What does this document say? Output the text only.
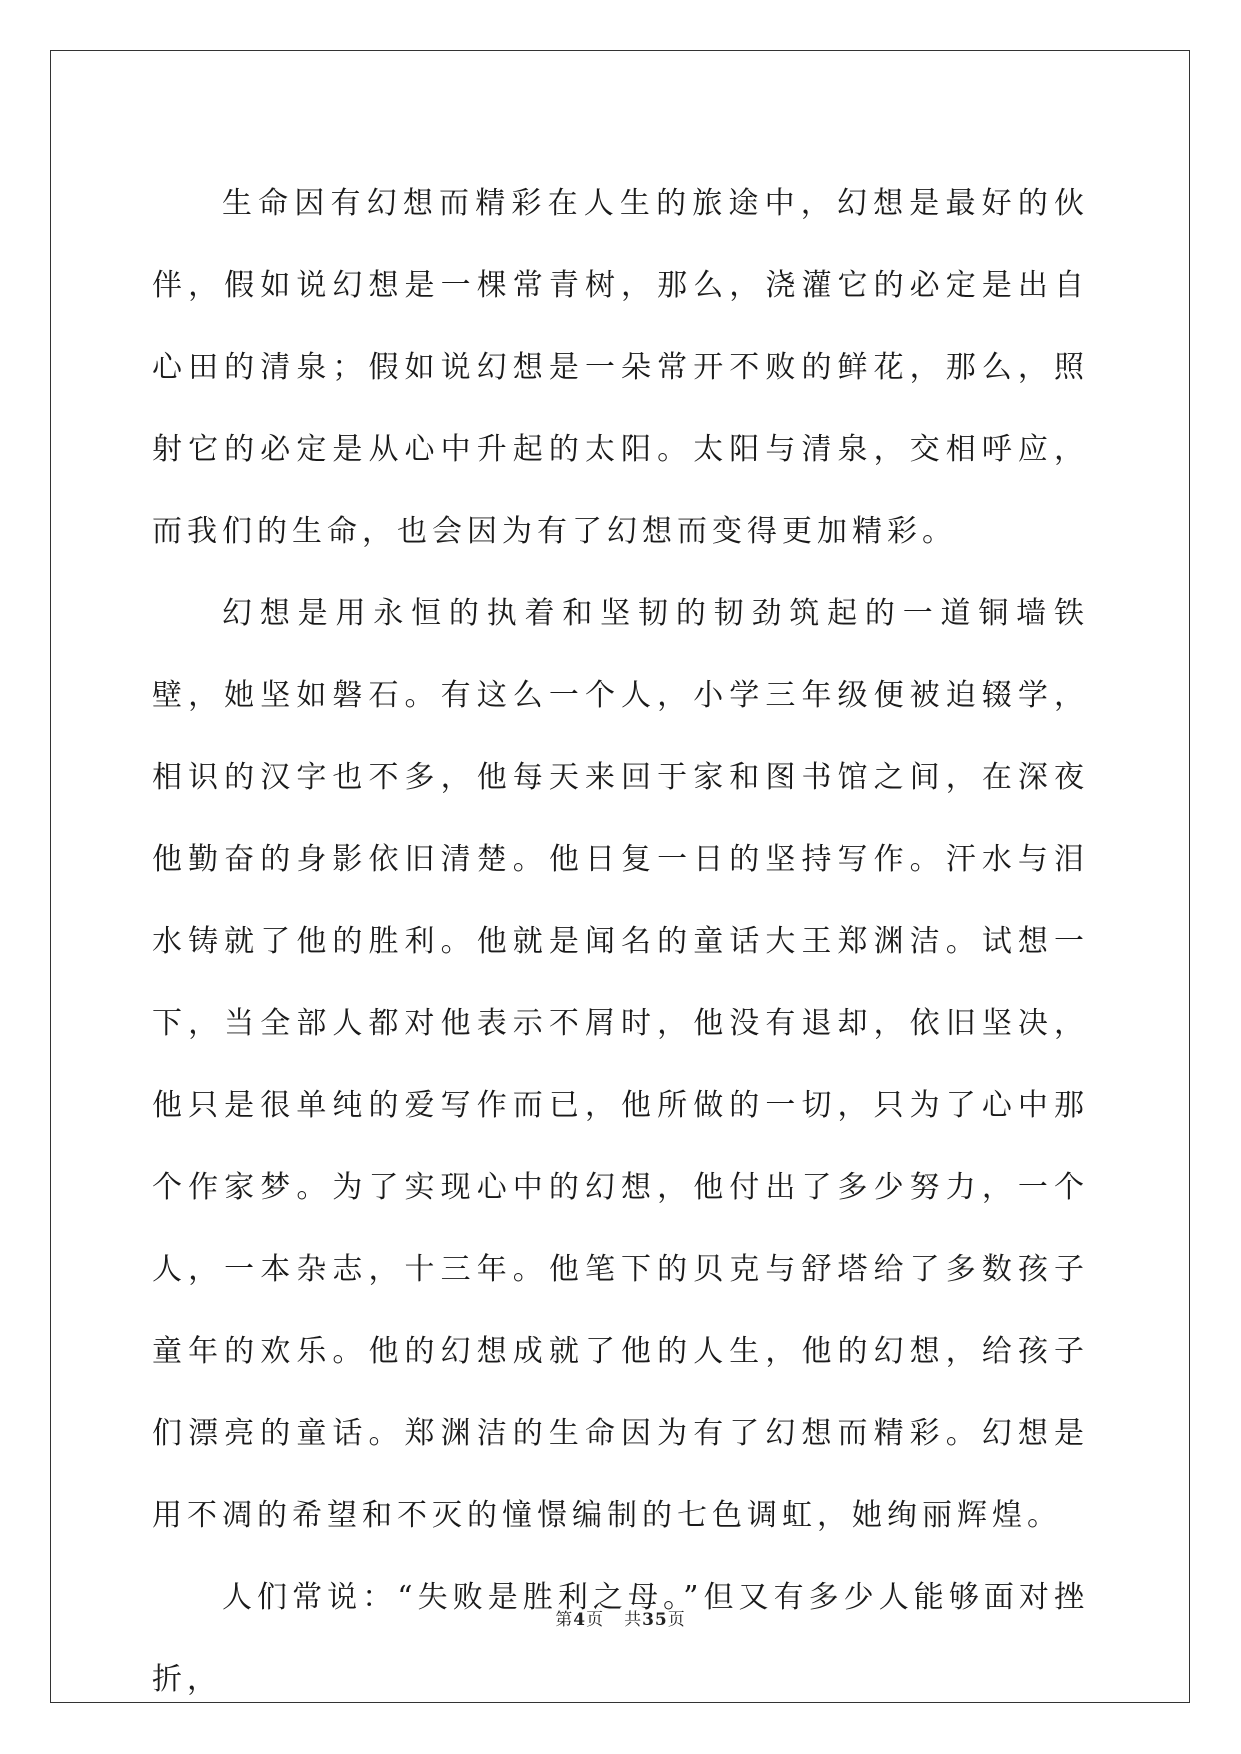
生命因有幻想而精彩在人生的旅途中，幻想是最好的伙伴，假如说幻想是一棵常青树，那么，浇灌它的必定是出自心田的清泉；假如说幻想是一朵常开不败的鲜花，那么，照射它的必定是从心中升起的太阳。太阳与清泉，交相呼应，而我们的生命，也会因为有了幻想而变得更加精彩。

幻想是用永恒的执着和坚韧的韧劲筑起的一道铜墙铁壁，她坚如磐石。有这么一个人，小学三年级便被迫辍学，相识的汉字也不多，他每天来回于家和图书馆之间，在深夜他勤奋的身影依旧清楚。他日复一日的坚持写作。汗水与泪水铸就了他的胜利。他就是闻名的童话大王郑渊洁。试想一下，当全部人都对他表示不屑时，他没有退却，依旧坚决，他只是很单纯的爱写作而已，他所做的一切，只为了心中那个作家梦。为了实现心中的幻想，他付出了多少努力，一个人，一本杂志，十三年。他笔下的贝克与舒塔给了多数孩子童年的欢乐。他的幻想成就了他的人生，他的幻想，给孩子们漂亮的童话。郑渊洁的生命因为有了幻想而精彩。幻想是用不凋的希望和不灭的憧憬编制的七色调虹，她绚丽辉煌。

人们常说：“失败是胜利之母。”但又有多少人能够面对挫折，

第4页 共35页
